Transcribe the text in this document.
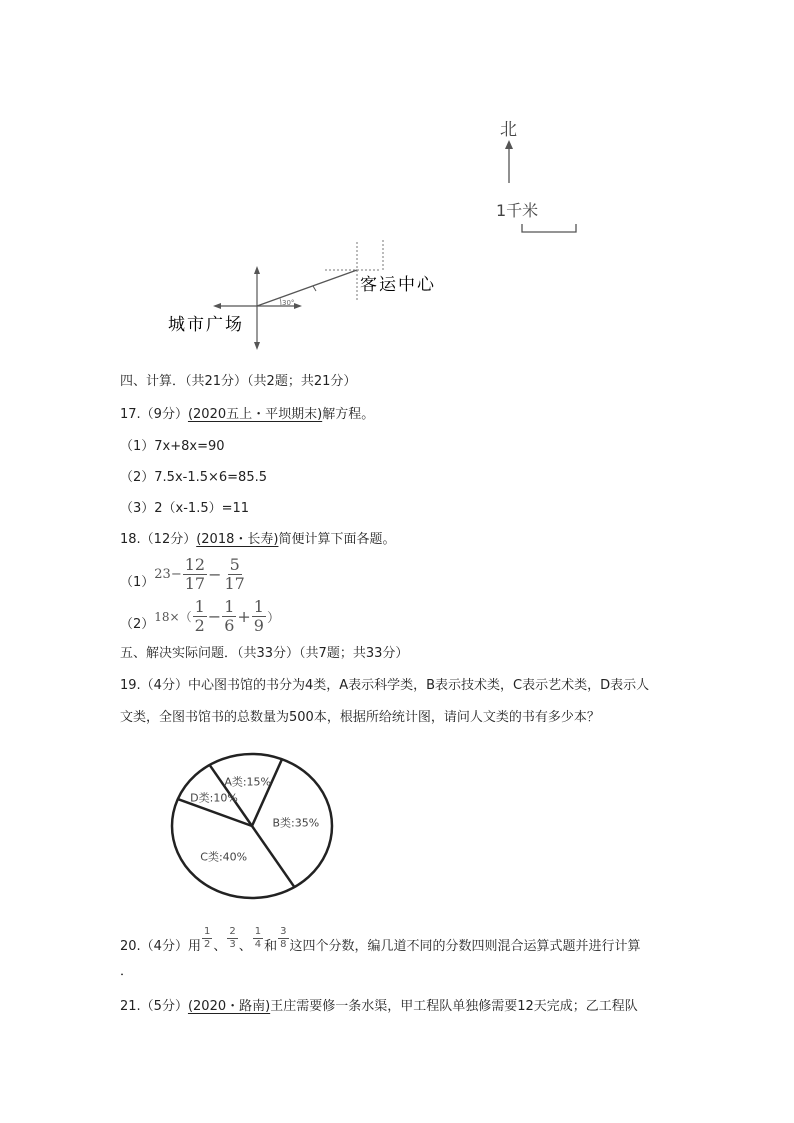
北
1千米
30°
客运中心
城市广场
四、计算．（共21分）（共2题；共21分）
17.（9分）(2020五上・平坝期末)解方程。
（1）7x+8x=90
（2）7.5x-1.5×6=85.5
（3）2（x-1.5）=11
18.（12分）(2018・长寿)简便计算下面各题。
（1）
$23- \frac{12}{17} - \frac{5}{17}$
（2） $18\times( \frac{1}{2} - \frac{1}{6} + \frac{1}{9}$ ）
五、解决实际问题．（共33分）（共7题；共33分）
19.（4分）中心图书馆的书分为4类，A表示科学类，B表示技术类，C表示艺术类，D表示人
文类，全图书馆书的总数量为500本，根据所给统计图，请问人文类的书有多少本？
A类:15%
B类:35%
C类:40%
D类:10%
20.（4分）用 $\frac{1}{2}$ 、 $\frac{2}{3}$ 、 $\frac{1}{4}$ 和 $\frac{3}{8}$ 这四个分数，编几道不同的分数四则混合运算式题并进行计算
．
21.（5分）(2020・路南)王庄需要修一条水渠，甲工程队单独修需要12天完成；乙工程队
